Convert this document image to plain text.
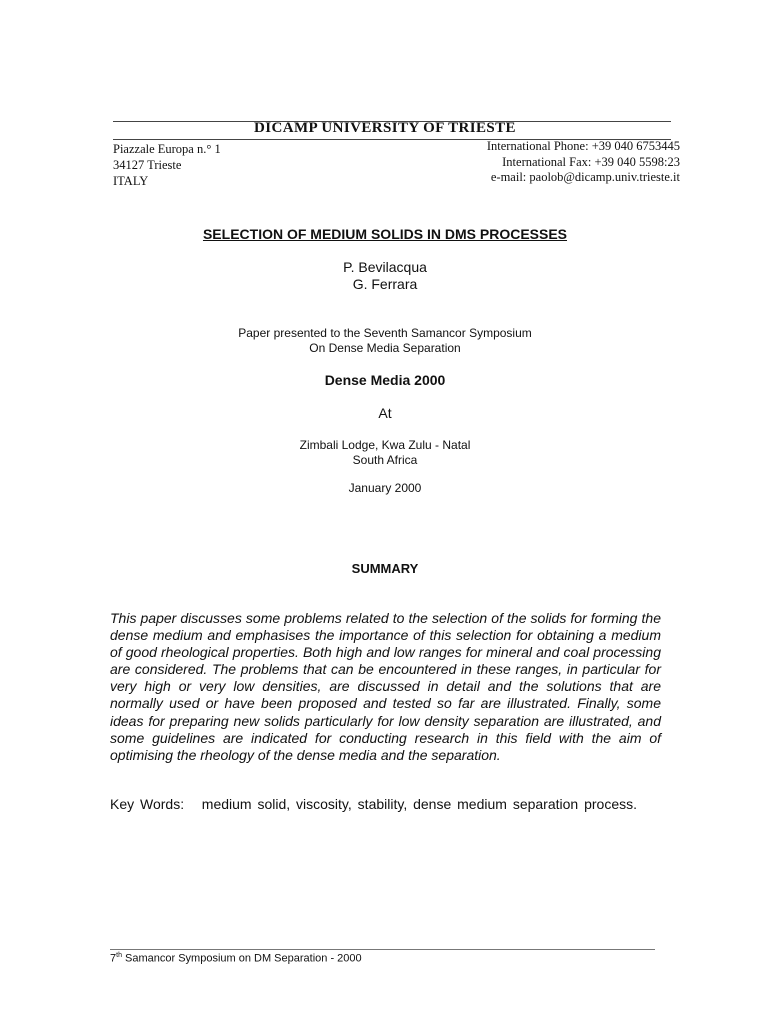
DICAMP UNIVERSITY OF TRIESTE
Piazzale Europa n.° 1
34127 Trieste
ITALY
International Phone: +39 040 6753445
International Fax: +39 040 5598:23
e-mail: paolob@dicamp.univ.trieste.it
SELECTION OF MEDIUM SOLIDS IN DMS PROCESSES
P. Bevilacqua
G. Ferrara
Paper presented to the Seventh Samancor Symposium
On Dense Media Separation
Dense Media 2000
At
Zimbali Lodge, Kwa Zulu - Natal
South Africa
January 2000
SUMMARY

This paper discusses some problems related to the selection of the solids for forming the dense medium and emphasises the importance of this selection for obtaining a medium of good rheological properties. Both high and low ranges for mineral and coal processing are considered. The problems that can be encountered in these ranges, in particular for very high or very low densities, are discussed in detail and the solutions that are normally used or have been proposed and tested so far are illustrated. Finally, some ideas for preparing new solids particularly for low density separation are illustrated, and some guidelines are indicated for conducting research in this field with the aim of optimising the rheology of the dense media and the separation.

Key Words: medium solid, viscosity, stability, dense medium separation process.

7th Samancor Symposium on DM Separation - 2000
